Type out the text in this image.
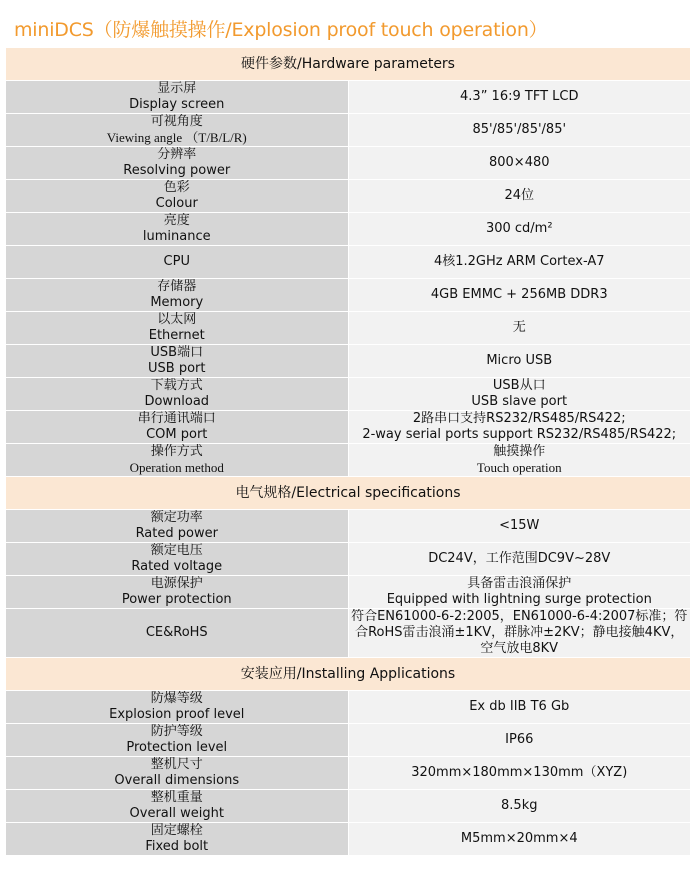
miniDCS（防爆触摸操作/Explosion proof touch operation）
硬件参数/Hardware parameters	

显示屏
Display screen	4.3” 16:9 TFT LCD

可视角度
Viewing angle （T/B/L/R)	85'/85'/85'/85'

分辨率
Resolving power	800×480

色彩
Colour	24位

亮度
luminance	300 cd/m²

CPU	4核1.2GHz ARM Cortex-A7

存储器
Memory	4GB EMMC + 256MB DDR3

以太网
Ethernet	无

USB端口
USB port	Micro USB

下载方式
Download	USB从口
USB slave port

串行通讯端口
COM port	2路串口支持RS232/RS485/RS422;
2-way serial ports support RS232/RS485/RS422;

操作方式
Operation method	触摸操作
Touch operation

电气规格/Electrical specifications	

额定功率
Rated power	<15W

额定电压
Rated voltage	DC24V，工作范围DC9V~28V

电源保护
Power protection	具备雷击浪涌保护
Equipped with lightning surge protection

CE&RoHS	符合EN61000-6-2:2005，EN61000-6-4:2007标准；符合RoHS雷击浪涌±1KV，群脉冲±2KV；静电接触4KV，空气放电8KV

安装应用/Installing Applications	

防爆等级
Explosion proof level	Ex db IIB T6 Gb

防护等级
Protection level	IP66

整机尺寸
Overall dimensions	320mm×180mm×130mm（XYZ)

整机重量
Overall weight	8.5kg

固定螺栓
Fixed bolt	M5mm×20mm×4
